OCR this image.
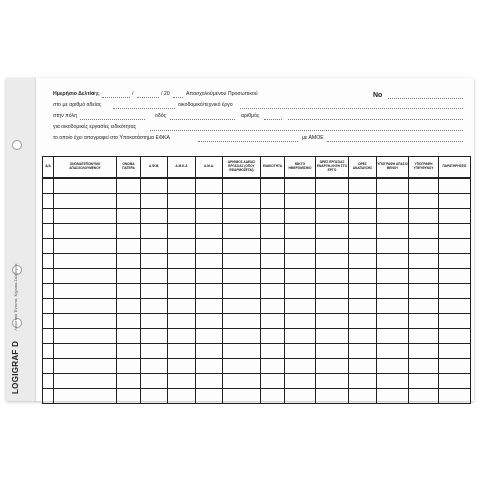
LOGIGRAF D
Λογιστικά Έντυπα, Κήρυκα-Σαλίβερος
Ημερήσιο Δελτίο
της	/	/ 20	Απασχολούμενου Προσωπικού	No
στο με αριθμό αδείας	οικοδομικό/τεχνικό έργο
στην πόλη	οδός	αριθμός
για οικοδομικές εργασίες ειδικότητας
το οποίο έχει απογραφεί στο Υποκατάστημα ΕΦΚΑ	με ΑΜΟΕ
Α/Α	ΟΝΟΜΑΤΕΠΩΝΥΜΟ ΑΠΑΣΧΟΛΟΥΜΕΝΟΥ	ΟΝΟΜΑ ΠΑΤΕΡΑ	Α.Φ.Μ.	Α.Μ.Κ.Α	Α.Μ.Α.	ΑΡΙΘΜΟΣ ΑΔΕΙΑΣ ΕΡΓΑΣΙΑΣ (ΟΠΟΥ ΕΦΑΡΜΟΖΕΤΑΙ)	ΕΙΔΙΚΟΤΗΤΑ	ΜΙΚΤΟ ΗΜΕΡΟΜΙΣΘΙΟ	ΩΡΕΣ ΕΡΓΑΣΙΑΣ ΕΝΑΡΞΗ-ΛΗΞΗ ΣΤΟ ΕΡΓΟ	ΩΡΕΣ ΑΝΑΠΑΥΣΗΣ	ΥΠΟΓΡΑΦΗ ΑΠΑΣΧ/ΜΕΝΟΥ	ΥΠΟΓΡΑΦΗ ΥΠΕΥΘΥΝΟΥ	ΠΑΡΑΤΗΡΗΣΕΙΣ
